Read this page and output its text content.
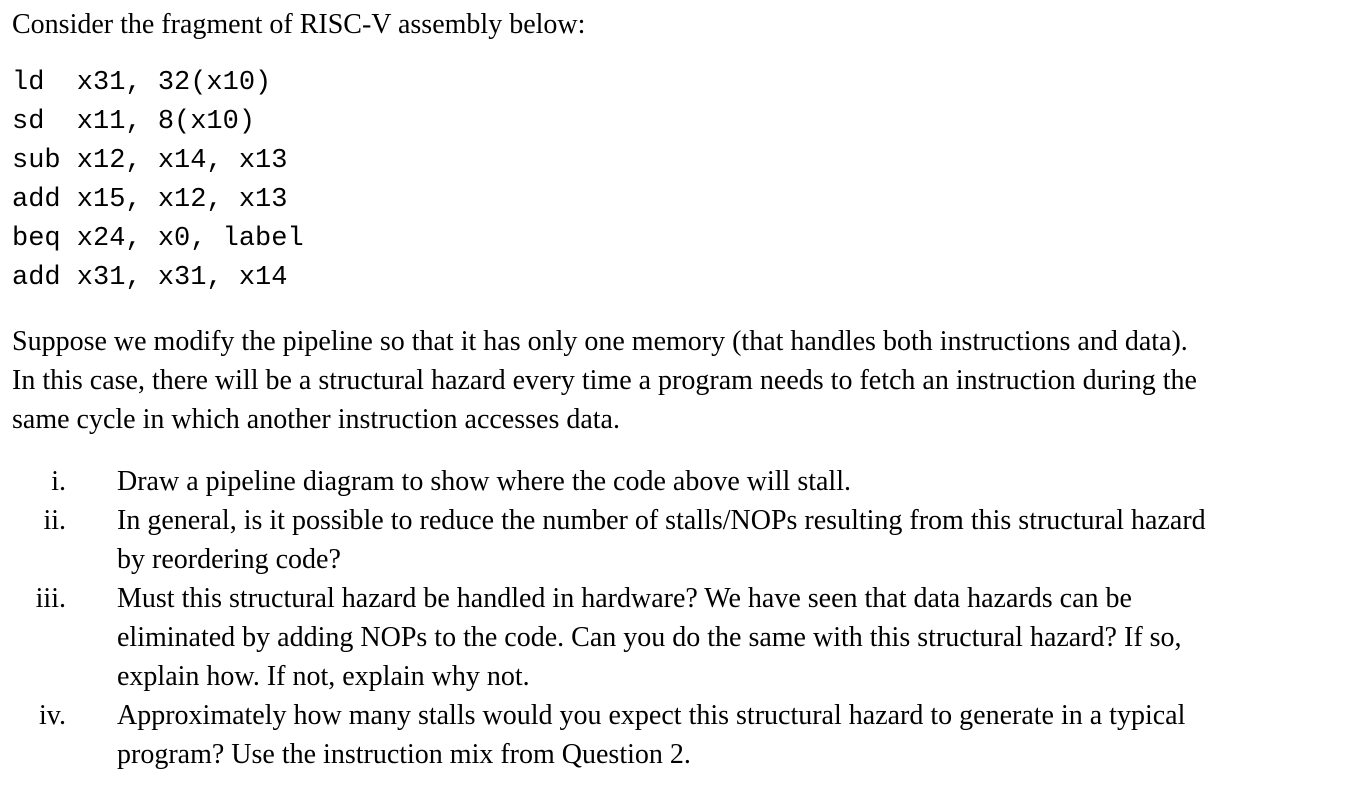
Consider the fragment of RISC-V assembly below:
ld  x31, 32(x10)
sd  x11, 8(x10)
sub x12, x14, x13
add x15, x12, x13
beq x24, x0, label
add x31, x31, x14
Suppose we modify the pipeline so that it has only one memory (that handles both instructions and data).
In this case, there will be a structural hazard every time a program needs to fetch an instruction during the
same cycle in which another instruction accesses data.
i. Draw a pipeline diagram to show where the code above will stall.
ii. In general, is it possible to reduce the number of stalls/NOPs resulting from this structural hazard
by reordering code?
iii. Must this structural hazard be handled in hardware? We have seen that data hazards can be
eliminated by adding NOPs to the code. Can you do the same with this structural hazard? If so,
explain how. If not, explain why not.
iv. Approximately how many stalls would you expect this structural hazard to generate in a typical
program? Use the instruction mix from Question 2.
